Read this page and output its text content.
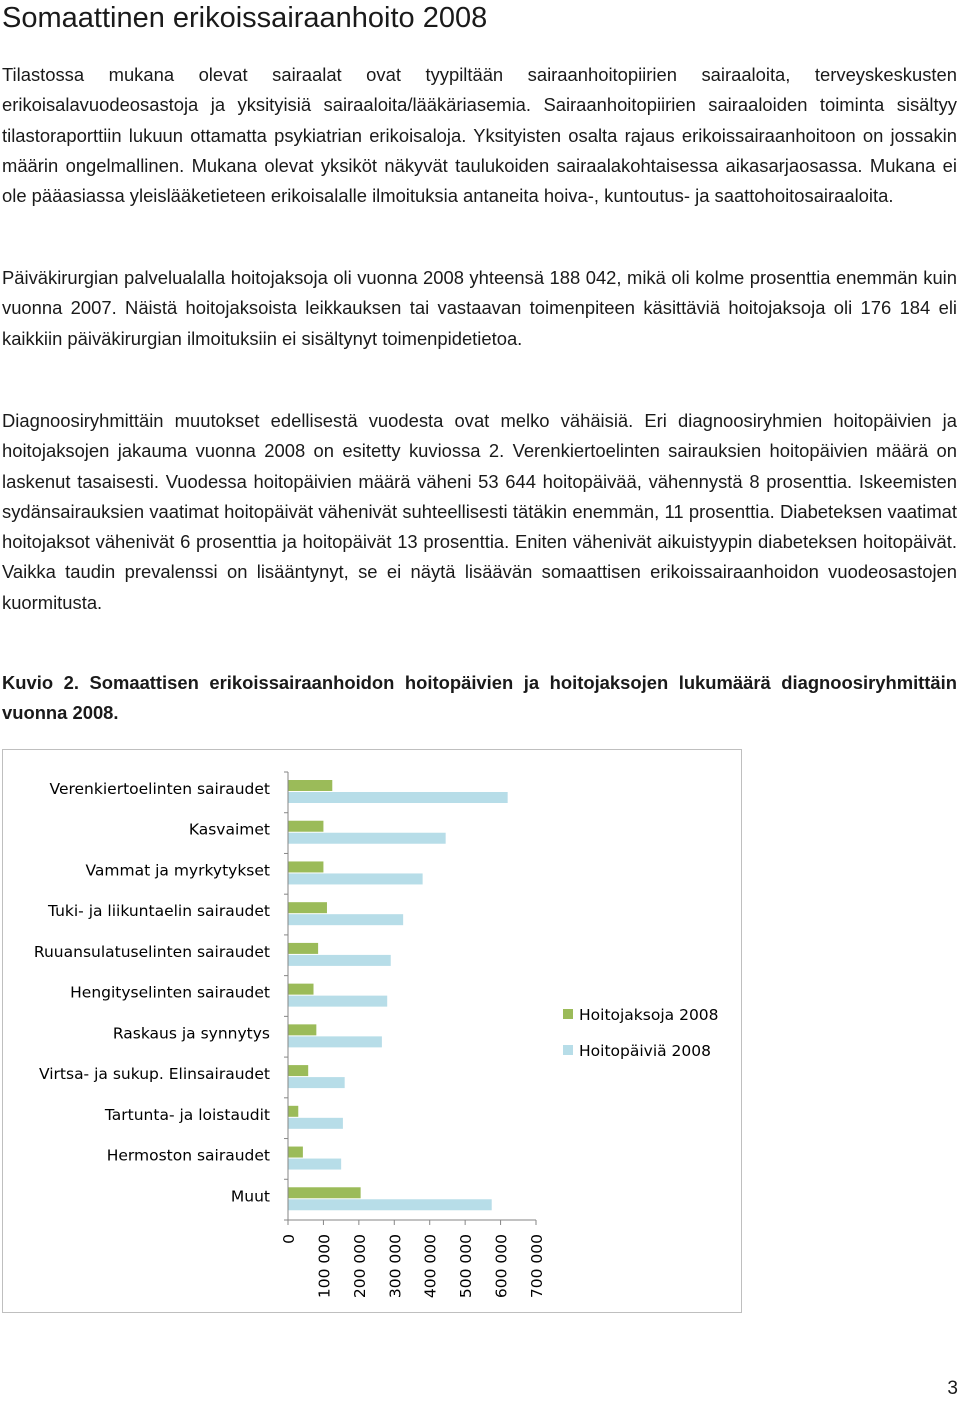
Somaattinen erikoissairaanhoito 2008

Tilastossa mukana olevat sairaalat ovat tyypiltään sairaanhoitopiirien sairaaloita, terveyskeskusten erikoisalavuodeosastoja ja yksityisiä sairaaloita/lääkäriasemia. Sairaanhoitopiirien sairaaloiden toiminta sisältyy tilastoraporttiin lukuun ottamatta psykiatrian erikoisaloja. Yksityisten osalta rajaus erikoissairaanhoitoon on jossakin määrin ongelmallinen. Mukana olevat yksiköt näkyvät taulukoiden sairaalakohtaisessa aikasarjaosassa. Mukana ei ole pääasiassa yleislääketieteen erikoisalalle ilmoituksia antaneita hoiva-, kuntoutus- ja saattohoitosairaaloita.

Päiväkirurgian palvelualalla hoitojaksoja oli vuonna 2008 yhteensä 188 042, mikä oli kolme prosenttia enemmän kuin vuonna 2007. Näistä hoitojaksoista leikkauksen tai vastaavan toimenpiteen käsittäviä hoitojaksoja oli 176 184 eli kaikkiin päiväkirurgian ilmoituksiin ei sisältynyt toimenpidetietoa.

Diagnoosiryhmittäin muutokset edellisestä vuodesta ovat melko vähäisiä. Eri diagnoosiryhmien hoitopäivien ja hoitojaksojen jakauma vuonna 2008 on esitetty kuviossa 2. Verenkiertoelinten sairauksien hoitopäivien määrä on laskenut tasaisesti. Vuodessa hoitopäivien määrä väheni 53 644 hoitopäivää, vähennystä 8 prosenttia. Iskeemisten sydänsairauksien vaatimat hoitopäivät vähenivät suhteellisesti tätäkin enemmän, 11 prosenttia. Diabeteksen vaatimat hoitojaksot vähenivät 6 prosenttia ja hoitopäivät 13 prosenttia. Eniten vähenivät aikuistyypin diabeteksen hoitopäivät. Vaikka taudin prevalenssi on lisääntynyt, se ei näytä lisäävän somaattisen erikoissairaanhoidon vuodeosastojen kuormitusta.

Kuvio 2. Somaattisen erikoissairaanhoidon hoitopäivien ja hoitojaksojen lukumäärä diagnoosiryhmittäin vuonna 2008.

Verenkiertoelinten sairaudet
Kasvaimet
Vammat ja myrkytykset
Tuki- ja liikuntaelin sairaudet
Ruuansulatuselinten sairaudet
Hengityselinten sairaudet
Raskaus ja synnytys
Virtsa- ja sukup. Elinsairaudet
Tartunta- ja loistaudit
Hermoston sairaudet
Muut
0 100 000 200 000 300 000 400 000 500 000 600 000 700 000
Hoitojaksoja 2008
Hoitopäiviä 2008
3
